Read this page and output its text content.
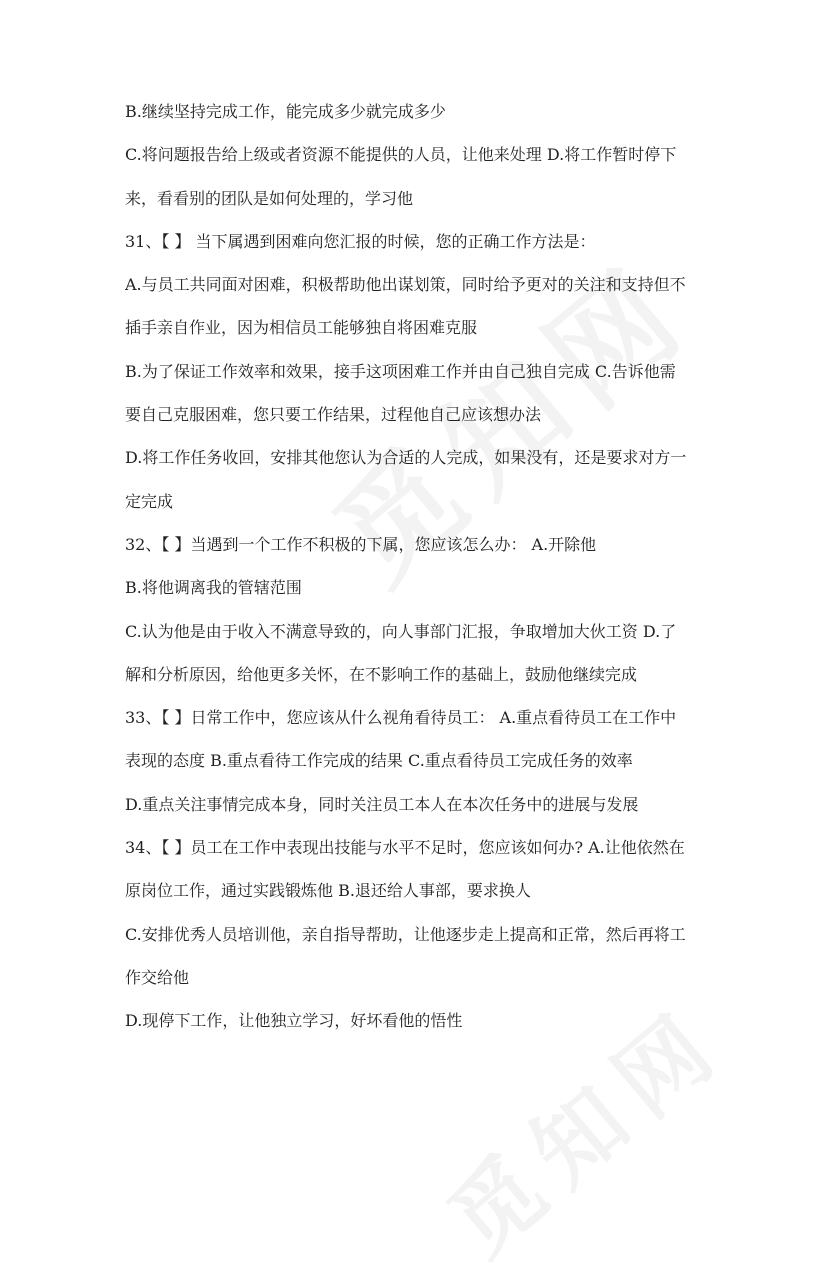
B.继续坚持完成工作，能完成多少就完成多少
C.将问题报告给上级或者资源不能提供的人员，让他来处理 D.将工作暂时停下
来，看看别的团队是如何处理的，学习他
31、【 】 当下属遇到困难向您汇报的时候，您的正确工作方法是：
A.与员工共同面对困难，积极帮助他出谋划策，同时给予更对的关注和支持但不
插手亲自作业，因为相信员工能够独自将困难克服
B.为了保证工作效率和效果，接手这项困难工作并由自己独自完成 C.告诉他需
要自己克服困难，您只要工作结果，过程他自己应该想办法
D.将工作任务收回，安排其他您认为合适的人完成，如果没有，还是要求对方一
定完成
32、【 】当遇到一个工作不积极的下属，您应该怎么办： A.开除他
B.将他调离我的管辖范围
C.认为他是由于收入不满意导致的，向人事部门汇报，争取增加大伙工资 D.了
解和分析原因，给他更多关怀，在不影响工作的基础上，鼓励他继续完成
33、【 】日常工作中，您应该从什么视角看待员工： A.重点看待员工在工作中
表现的态度 B.重点看待工作完成的结果 C.重点看待员工完成任务的效率
D.重点关注事情完成本身，同时关注员工本人在本次任务中的进展与发展
34、【 】员工在工作中表现出技能与水平不足时，您应该如何办? A.让他依然在
原岗位工作，通过实践锻炼他 B.退还给人事部，要求换人
C.安排优秀人员培训他，亲自指导帮助，让他逐步走上提高和正常，然后再将工
作交给他
D.现停下工作，让他独立学习，好坏看他的悟性
